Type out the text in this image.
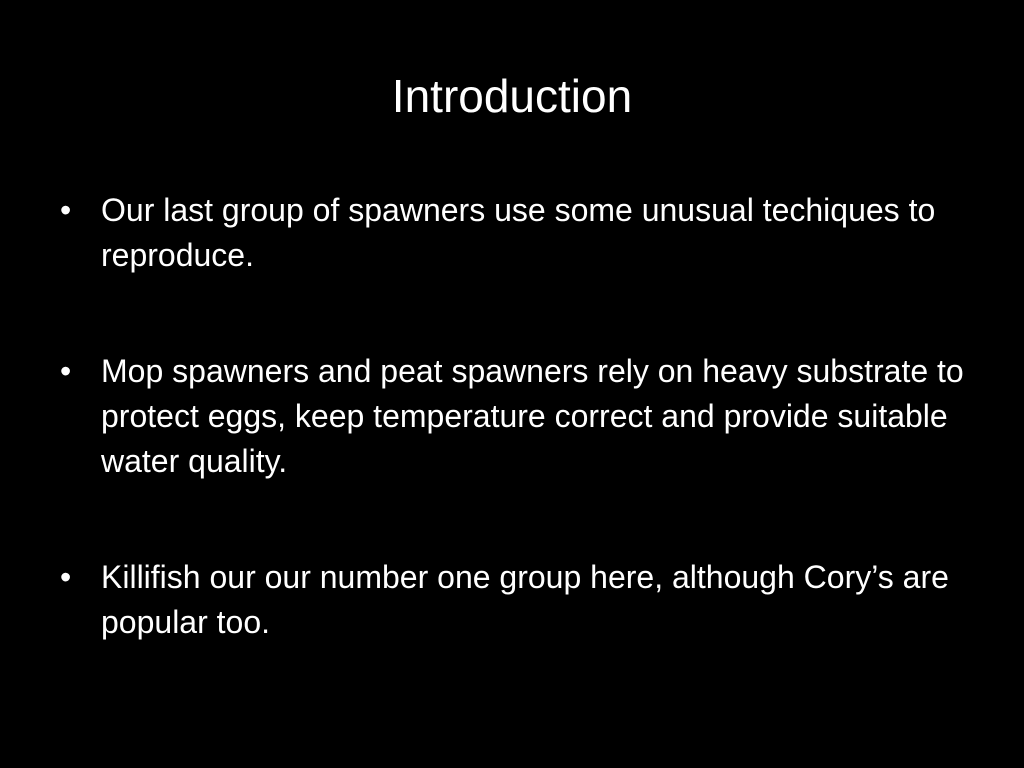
Introduction
• Our last group of spawners use some unusual techiques to reproduce.
• Mop spawners and peat spawners rely on heavy substrate to protect eggs, keep temperature correct and provide suitable water quality.
• Killifish our our number one group here, although Cory’s are popular too.
